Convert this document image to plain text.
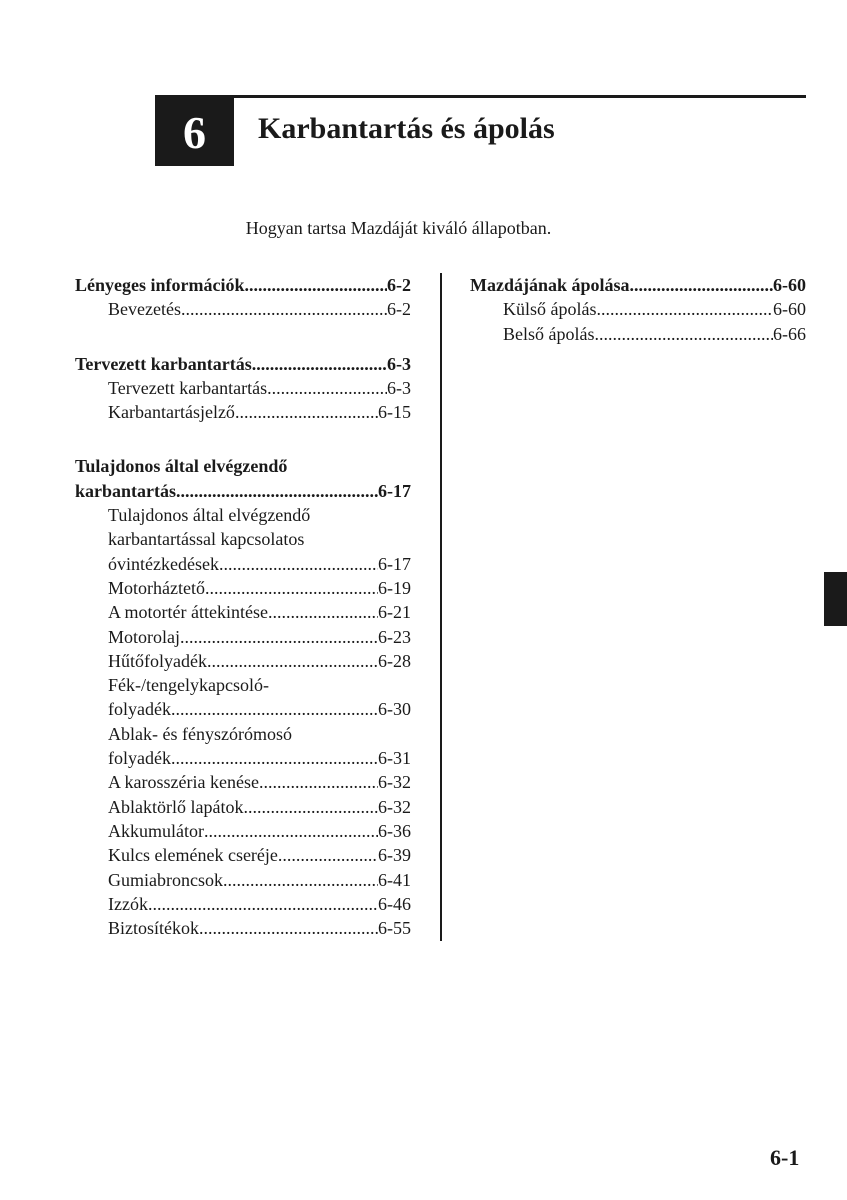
6 Karbantartás és ápolás
Hogyan tartsa Mazdáját kiváló állapotban.
Lényeges információk .....	6-2
Bevezetés .....	6-2
Tervezett karbantartás .....	6-3
Tervezett karbantartás .....	6-3
Karbantartásjelző .....	6-15
Tulajdonos által elvégzendő
karbantartás .....	6-17
Tulajdonos által elvégzendő
karbantartással kapcsolatos
óvintézkedések .....	6-17
Motorháztető .....	6-19
A motortér áttekintése .....	6-21
Motorolaj .....	6-23
Hűtőfolyadék .....	6-28
Fék-/tengelykapcsoló-
folyadék .....	6-30
Ablak- és fényszórómosó
folyadék .....	6-31
A karosszéria kenése .....	6-32
Ablaktörlő lapátok .....	6-32
Akkumulátor .....	6-36
Kulcs elemének cseréje .....	6-39
Gumiabroncsok .....	6-41
Izzók .....	6-46
Biztosítékok .....	6-55
Mazdájának ápolása .....	6-60
Külső ápolás .....	6-60
Belső ápolás .....	6-66
6-1
